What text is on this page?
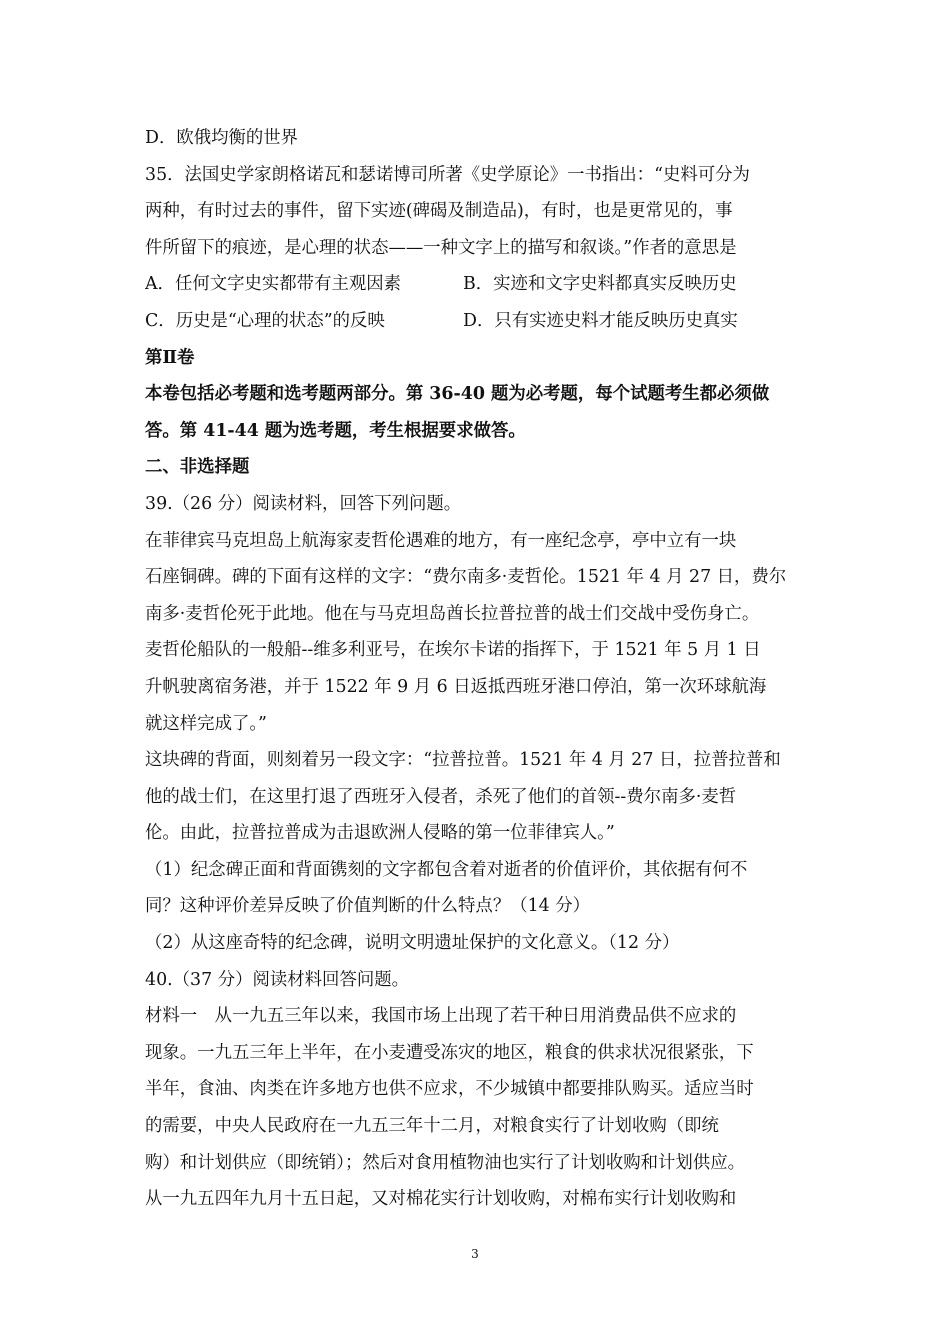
D．欧俄均衡的世界
35．法国史学家朗格诺瓦和瑟诺博司所著《史学原论》一书指出：“史料可分为
两种，有时过去的事件，留下实迹(碑碣及制造品)，有时，也是更常见的，事
件所留下的痕迹，是心理的状态——一种文字上的描写和叙谈。”作者的意思是
A．任何文字史实都带有主观因素	B．实迹和文字史料都真实反映历史
C．历史是“心理的状态”的反映	D．只有实迹史料才能反映历史真实
第Ⅱ卷
本卷包括必考题和选考题两部分。第 36-40 题为必考题，每个试题考生都必须做
答。第 41-44 题为选考题，考生根据要求做答。
二、非选择题
39.（26 分）阅读材料，回答下列问题。
在菲律宾马克坦岛上航海家麦哲伦遇难的地方，有一座纪念亭，亭中立有一块
石座铜碑。碑的下面有这样的文字：“费尔南多·麦哲伦。1521 年 4 月 27 日，费尔
南多·麦哲伦死于此地。他在与马克坦岛酋长拉普拉普的战士们交战中受伤身亡。
麦哲伦船队的一般船--维多利亚号，在埃尔卡诺的指挥下，于 1521 年 5 月 1 日
升帆驶离宿务港，并于 1522 年 9 月 6 日返抵西班牙港口停泊，第一次环球航海
就这样完成了。”
这块碑的背面，则刻着另一段文字：“拉普拉普。1521 年 4 月 27 日，拉普拉普和
他的战士们，在这里打退了西班牙入侵者，杀死了他们的首领--费尔南多·麦哲
伦。由此，拉普拉普成为击退欧洲人侵略的第一位菲律宾人。”
（1）纪念碑正面和背面镌刻的文字都包含着对逝者的价值评价，其依据有何不
同？这种评价差异反映了价值判断的什么特点？（14 分）
（2）从这座奇特的纪念碑，说明文明遗址保护的文化意义。（12 分）
40.（37 分）阅读材料回答问题。
材料一　从一九五三年以来，我国市场上出现了若干种日用消费品供不应求的
现象。一九五三年上半年，在小麦遭受冻灾的地区，粮食的供求状况很紧张，下
半年，食油、肉类在许多地方也供不应求，不少城镇中都要排队购买。适应当时
的需要，中央人民政府在一九五三年十二月，对粮食实行了计划收购（即统
购）和计划供应（即统销）；然后对食用植物油也实行了计划收购和计划供应。
从一九五四年九月十五日起，又对棉花实行计划收购，对棉布实行计划收购和
3
